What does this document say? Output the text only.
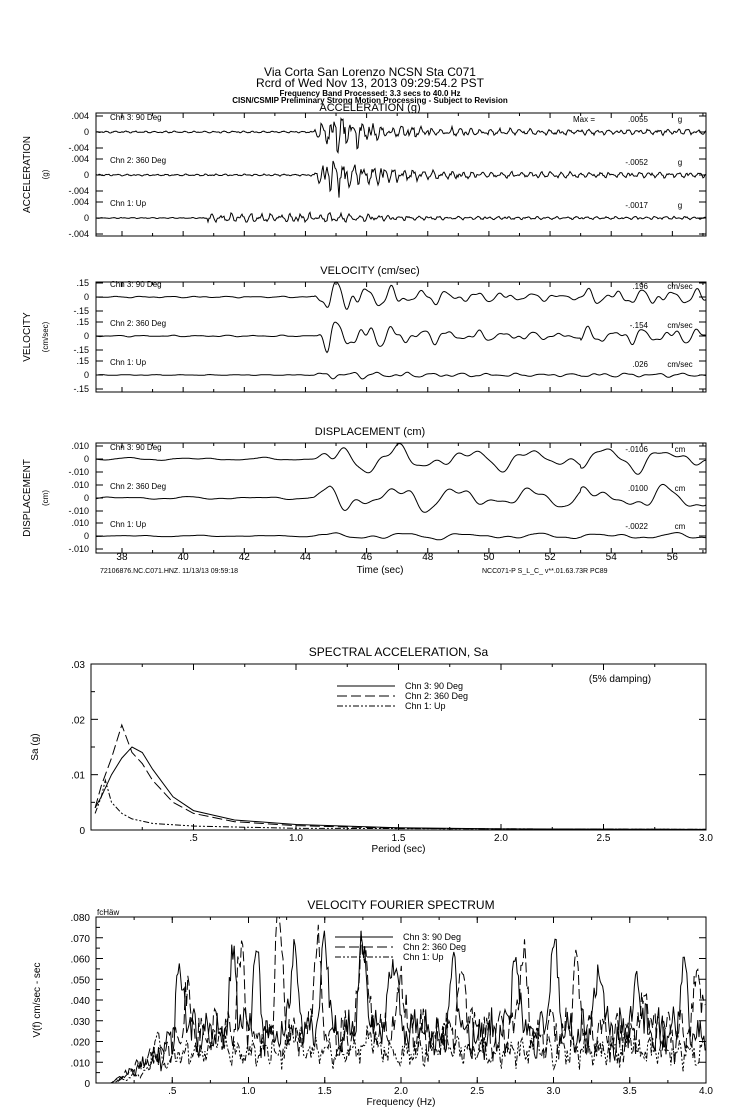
Via Corta San Lorenzo NCSN Sta C071
Rcrd of Wed Nov 13, 2013 09:29:54.2 PST
Frequency Band Processed: 3.3 secs to 40.0 Hz
CISN/CSMIP Preliminary Strong Motion Processing - Subject to Revision
ACCELERATION (g)
ACCELERATION (g)
.004
0
-.004
Chn 3: 90 Deg	Max =	.0055	g
.004
0
-.004
Chn 2: 360 Deg	-.0052	g
.004
0
-.004
Chn 1: Up	-.0017	g
VELOCITY (cm/sec)
VELOCITY (cm/sec)
.15
0
-.15
Chn 3: 90 Deg	.196 cm/sec
.15
0
-.15
Chn 2: 360 Deg	-.154 cm/sec
.15
0
-.15
Chn 1: Up	.026 cm/sec
DISPLACEMENT (cm)
DISPLACEMENT (cm)
.010
0
-.010
Chn 3: 90 Deg	-.0106	cm
.010
0
-.010
Chn 2: 360 Deg	.0100	cm
.010
0
-.010
Chn 1: Up	-.0022	cm
38	40	42	44	46	48	50	52	54	56
Time (sec)
72106876.NC.C071.HNZ. 11/13/13 09:59:18	NCC071-P S_L_C_ v**.01.63.73R PC89
SPECTRAL ACCELERATION, Sa
.5	1.0	1.5	2.0	2.5	3.0
.03
.02
.01
0
Period (sec)
Sa (g)
(5% damping)
Chn 3: 90 Deg
Chn 2: 360 Deg
Chn 1: Up
VELOCITY FOURIER SPECTRUM
.5	1.0	1.5	2.0	2.5	3.0	3.5	4.0
.080
.070
.060
.050
.040
.030
.020
.010
0
Frequency (Hz)
V(f) cm/sec - sec
fcHäw
Chn 3: 90 Deg
Chn 2: 360 Deg
Chn 1: Up
